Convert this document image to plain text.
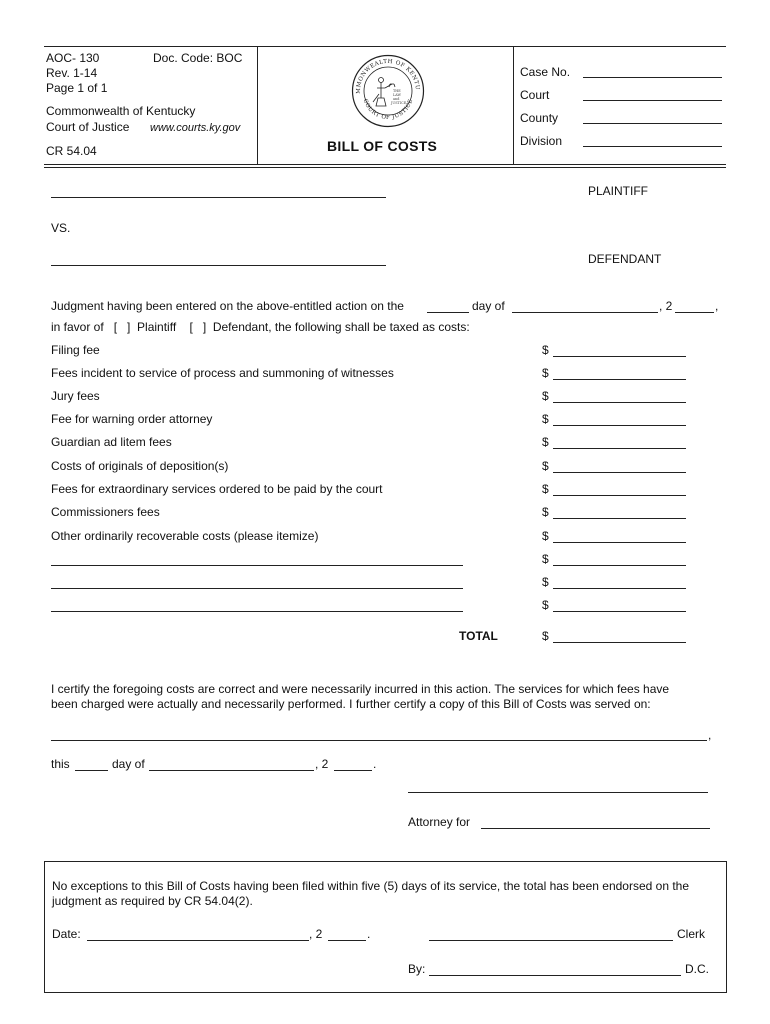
AOC- 130	Doc. Code: BOC
Rev. 1-14
Page 1 of 1
Commonwealth of Kentucky
Court of Justice www.courts.ky.gov
CR 54.04
MMONWEALTH OF KENTU
COURT OF JUSTICE
THE
LAW
and
JUSTICE
BILL OF COSTS
Case No.
Court
County
Division
PLAINTIFF
VS.
DEFENDANT
Judgment having been entered on the above-entitled action on the	day of	, 2	,
in favor of   [   ]  Plaintiff    [   ]  Defendant, the following shall be taxed as costs:
Filing fee	$
Fees incident to service of process and summoning of witnesses	$
Jury fees	$
Fee for warning order attorney	$
Guardian ad litem fees	$
Costs of originals of deposition(s)	$
Fees for extraordinary services ordered to be paid by the court	$
Commissioners fees	$
Other ordinarily recoverable costs (please itemize)	$
$
$
$
TOTAL	$
I certify the foregoing costs are correct and were necessarily incurred in this action. The services for which fees have
been charged were actually and necessarily performed. I further certify a copy of this Bill of Costs was served on:
,
this	day of	, 2	.
Attorney for
No exceptions to this Bill of Costs having been filed within five (5) days of its service, the total has been endorsed on the
judgment as required by CR 54.04(2).
Date:	, 2	.	Clerk
By:	D.C.
